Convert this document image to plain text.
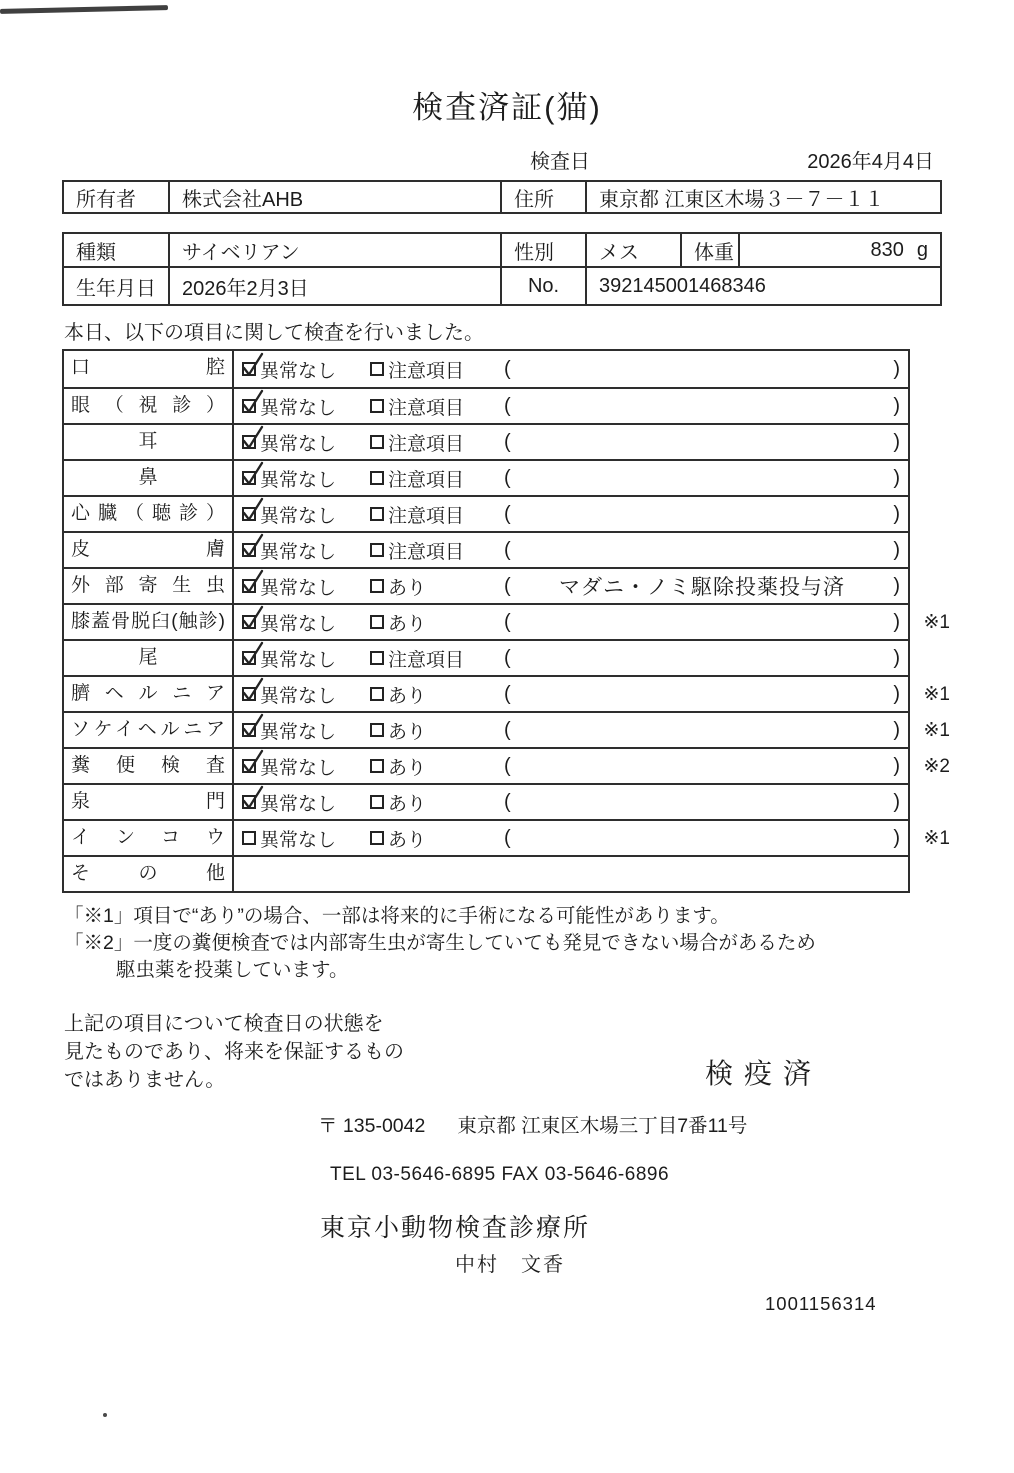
検査済証(猫)
検査日	2026年4月4日
所有者	株式会社AHB	住所	東京都 江東区木場３－７－１１
種類	サイベリアン	性別	メス	体重	830 g
生年月日	2026年2月3日	No.	392145001468346		
本日、以下の項目に関して検査を行いました。
口腔	異常なし	注意項目 (	)
眼（視診）	異常なし	注意項目 (	)
耳	異常なし	注意項目 (	)
鼻	異常なし	注意項目 (	)
心臓（聴診）	異常なし	注意項目 (	)
皮膚	異常なし	注意項目 (	)
外部寄生虫	異常なし	あり	(	マダニ・ノミ駆除投薬投与済	)
膝蓋骨脱臼(触診)	異常なし	あり	(	) ※1
尾	異常なし	注意項目 (	)
臍ヘルニア	異常なし	あり	(	) ※1
ソケイヘルニア	異常なし	あり	(	) ※1
糞便検査	異常なし	あり	(	) ※2
泉門	異常なし	あり	(	)
インコウ	異常なし	あり	(	) ※1
その他
「※1」項目で“あり”の場合、一部は将来的に手術になる可能性があります。
「※2」一度の糞便検査では内部寄生虫が寄生していても発見できない場合があるため
駆虫薬を投薬しています。
上記の項目について検査日の状態を
見たものであり、将来を保証するもの
ではありません。	検疫済
〒 135-0042 東京都 江東区木場三丁目7番11号
TEL 03-5646-6895 FAX 03-5646-6896
東京小動物検査診療所
中村　文香
1001156314
